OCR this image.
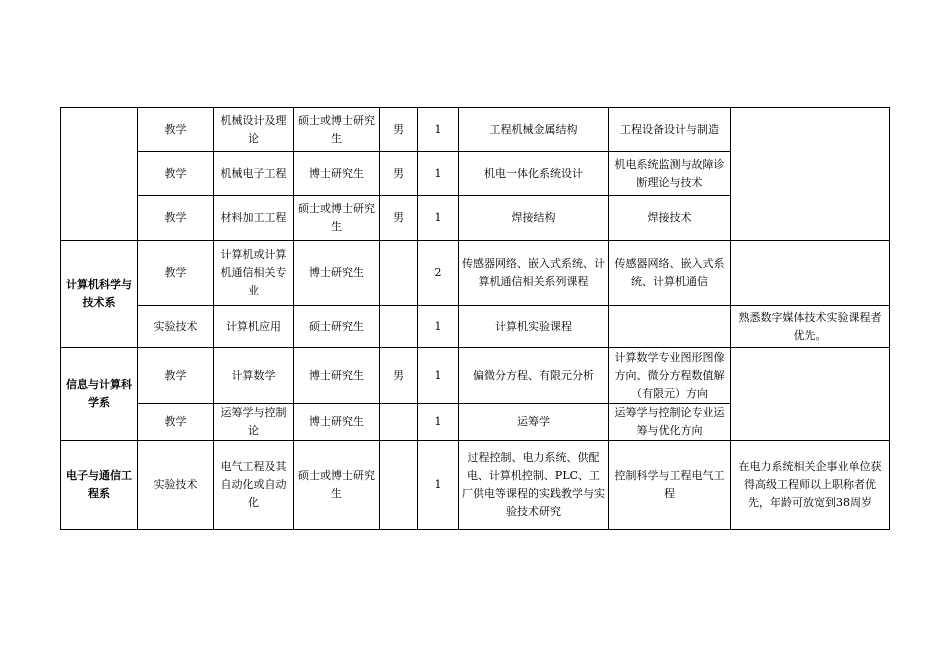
	教学	机械设计及理论	硕士或博士研究生	男	1	工程机械金属结构	工程设备设计与制造	
	教学	机械电子工程	博士研究生	男	1	机电一体化系统设计	机电系统监测与故障诊断理论与技术	
	教学	材料加工工程	硕士或博士研究生	男	1	焊接结构	焊接技术	
计算机科学与技术系	教学	计算机或计算机通信相关专业	博士研究生		2	传感器网络、嵌入式系统、计算机通信相关系列课程	传感器网络、嵌入式系统、计算机通信	
	实验技术	计算机应用	硕士研究生		1	计算机实验课程		熟悉数字媒体技术实验课程者优先。
信息与计算科学系	教学	计算数学	博士研究生	男	1	偏微分方程、有限元分析	计算数学专业图形图像方向、微分方程数值解（有限元）方向	
	教学	运筹学与控制论	博士研究生		1	运筹学	运筹学与控制论专业运筹与优化方向	
电子与通信工程系	实验技术	电气工程及其自动化或自动化	硕士或博士研究生		1	过程控制、电力系统、供配电、计算机控制、PLC、工厂供电等课程的实践教学与实验技术研究	控制科学与工程电气工程	在电力系统相关企事业单位获得高级工程师以上职称者优先，年龄可放宽到38周岁
